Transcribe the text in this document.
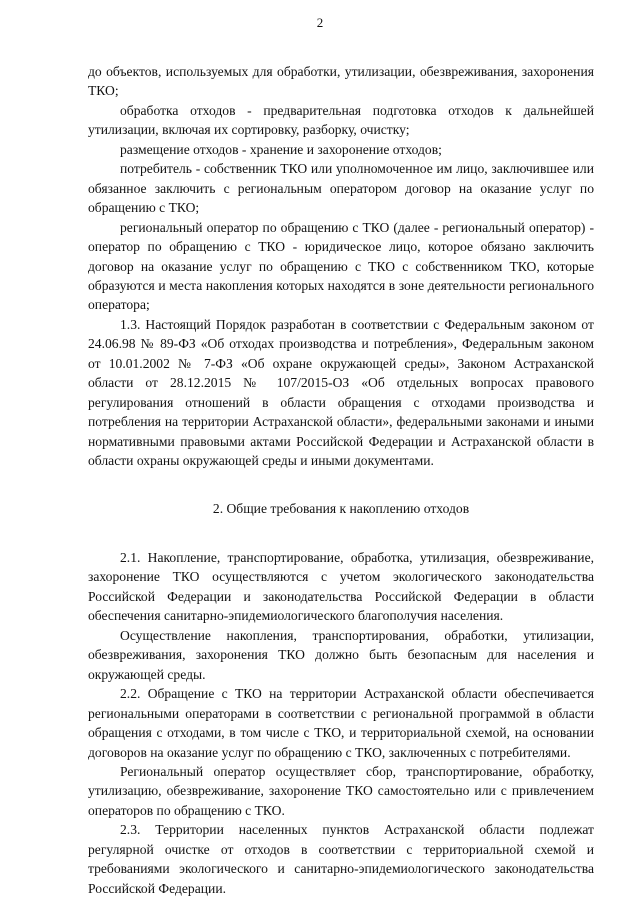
2

до объектов, используемых для обработки, утилизации, обезвреживания, захоронения ТКО;

обработка отходов - предварительная подготовка отходов к дальнейшей утилизации, включая их сортировку, разборку, очистку;

размещение отходов - хранение и захоронение отходов;

потребитель - собственник ТКО или уполномоченное им лицо, заключившее или обязанное заключить с региональным оператором договор на оказание услуг по обращению с ТКО;

региональный оператор по обращению с ТКО (далее - региональный оператор) - оператор по обращению с ТКО - юридическое лицо, которое обязано заключить договор на оказание услуг по обращению с ТКО с собственником ТКО, которые образуются и места накопления которых находятся в зоне деятельности регионального оператора;

1.3. Настоящий Порядок разработан в соответствии с Федеральным законом от 24.06.98 № 89-ФЗ «Об отходах производства и потребления», Федеральным законом от 10.01.2002 № 7-ФЗ «Об охране окружающей среды», Законом Астраханской области от 28.12.2015 № 107/2015-ОЗ «Об отдельных вопросах правового регулирования отношений в области обращения с отходами производства и потребления на территории Астраханской области», федеральными законами и иными нормативными правовыми актами Российской Федерации и Астраханской области в области охраны окружающей среды и иными документами.

2. Общие требования к накоплению отходов

2.1. Накопление, транспортирование, обработка, утилизация, обезвреживание, захоронение ТКО осуществляются с учетом экологического законодательства Российской Федерации и законодательства Российской Федерации в области обеспечения санитарно-эпидемиологического благополучия населения.

Осуществление накопления, транспортирования, обработки, утилизации, обезвреживания, захоронения ТКО должно быть безопасным для населения и окружающей среды.

2.2. Обращение с ТКО на территории Астраханской области обеспечивается региональными операторами в соответствии с региональной программой в области обращения с отходами, в том числе с ТКО, и территориальной схемой, на основании договоров на оказание услуг по обращению с ТКО, заключенных с потребителями.

Региональный оператор осуществляет сбор, транспортирование, обработку, утилизацию, обезвреживание, захоронение ТКО самостоятельно или с привлечением операторов по обращению с ТКО.

2.3. Территории населенных пунктов Астраханской области подлежат регулярной очистке от отходов в соответствии с территориальной схемой и требованиями экологического и санитарно-эпидемиологического законодательства Российской Федерации.
